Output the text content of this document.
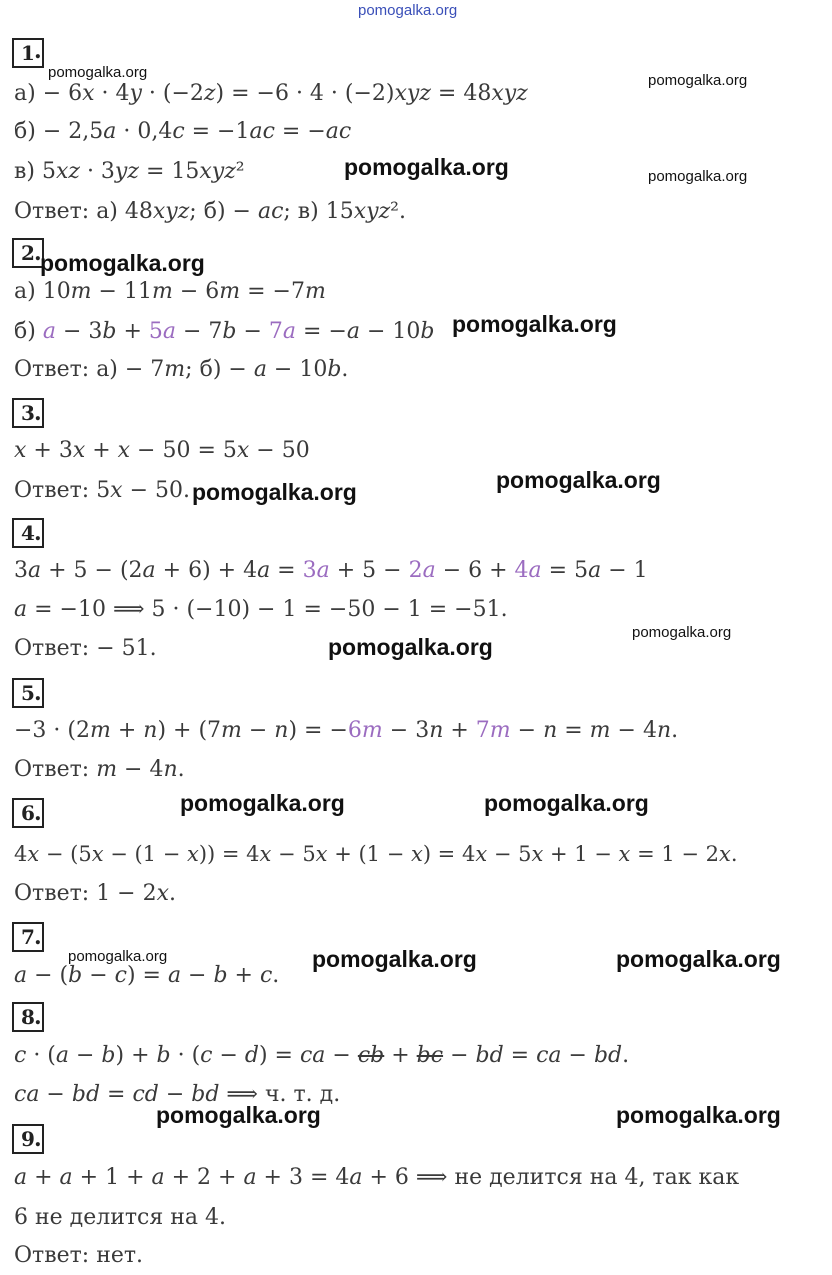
pomogalka.org
1 .
а) − 6𝑥 · 4𝑦 · (−2𝑧) = −6 · 4 · (−2)𝑥𝑦𝑧 = 48𝑥𝑦𝑧
б) − 2,5𝑎 · 0,4𝑐 = −1𝑎𝑐 = −𝑎𝑐
в) 5𝑥𝑧 · 3𝑦𝑧 = 15𝑥𝑦𝑧²
Ответ: а) 48𝑥𝑦𝑧; б) − 𝑎𝑐; в) 15𝑥𝑦𝑧².
2 .
а) 10𝑚 − 11𝑚 − 6𝑚 = −7𝑚
б) 𝑎 − 3𝑏 + 5𝑎 − 7𝑏 − 7𝑎 = −𝑎 − 10𝑏
Ответ: а) − 7𝑚; б) − 𝑎 − 10𝑏.
3 .
𝑥 + 3𝑥 + 𝑥 − 50 = 5𝑥 − 50
Ответ: 5𝑥 − 50.
4 .
3𝑎 + 5 − (2𝑎 + 6) + 4𝑎 = 3𝑎 + 5 − 2𝑎 − 6 + 4𝑎 = 5𝑎 − 1
𝑎 = −10 ⟹ 5 · (−10) − 1 = −50 − 1 = −51.
Ответ: − 51.
5 .
−3 · (2𝑚 + 𝑛) + (7𝑚 − 𝑛) = −6𝑚 − 3𝑛 + 7𝑚 − 𝑛 = 𝑚 − 4𝑛.
Ответ: 𝑚 − 4𝑛.
6 .
4𝑥 − (5𝑥 − (1 − 𝑥)) = 4𝑥 − 5𝑥 + (1 − 𝑥) = 4𝑥 − 5𝑥 + 1 − 𝑥 = 1 − 2𝑥.
Ответ: 1 − 2𝑥.
7 .
𝑎 − (𝑏 − 𝑐) = 𝑎 − 𝑏 + 𝑐.
8 .
𝑐 · (𝑎 − 𝑏) + 𝑏 · (𝑐 − 𝑑) = 𝑐𝑎 − 𝑐𝑏 + 𝑏𝑐 − 𝑏𝑑 = 𝑐𝑎 − 𝑏𝑑.
𝑐𝑎 − 𝑏𝑑 = 𝑐𝑑 − 𝑏𝑑 ⟹ ч. т. д.
9 .
𝑎 + 𝑎 + 1 + 𝑎 + 2 + 𝑎 + 3 = 4𝑎 + 6 ⟹ не делится на 4, так как
6 не делится на 4.
Ответ: нет.
pomogalka.org	pomogalka.org
pomogalka.org	pomogalka.org
pomogalka.org
pomogalka.org
pomogalka.org
pomogalka.org
pomogalka.org
pomogalka.org
pomogalka.org	pomogalka.org
pomogalka.org	pomogalka.org	pomogalka.org
pomogalka.org	pomogalka.org
